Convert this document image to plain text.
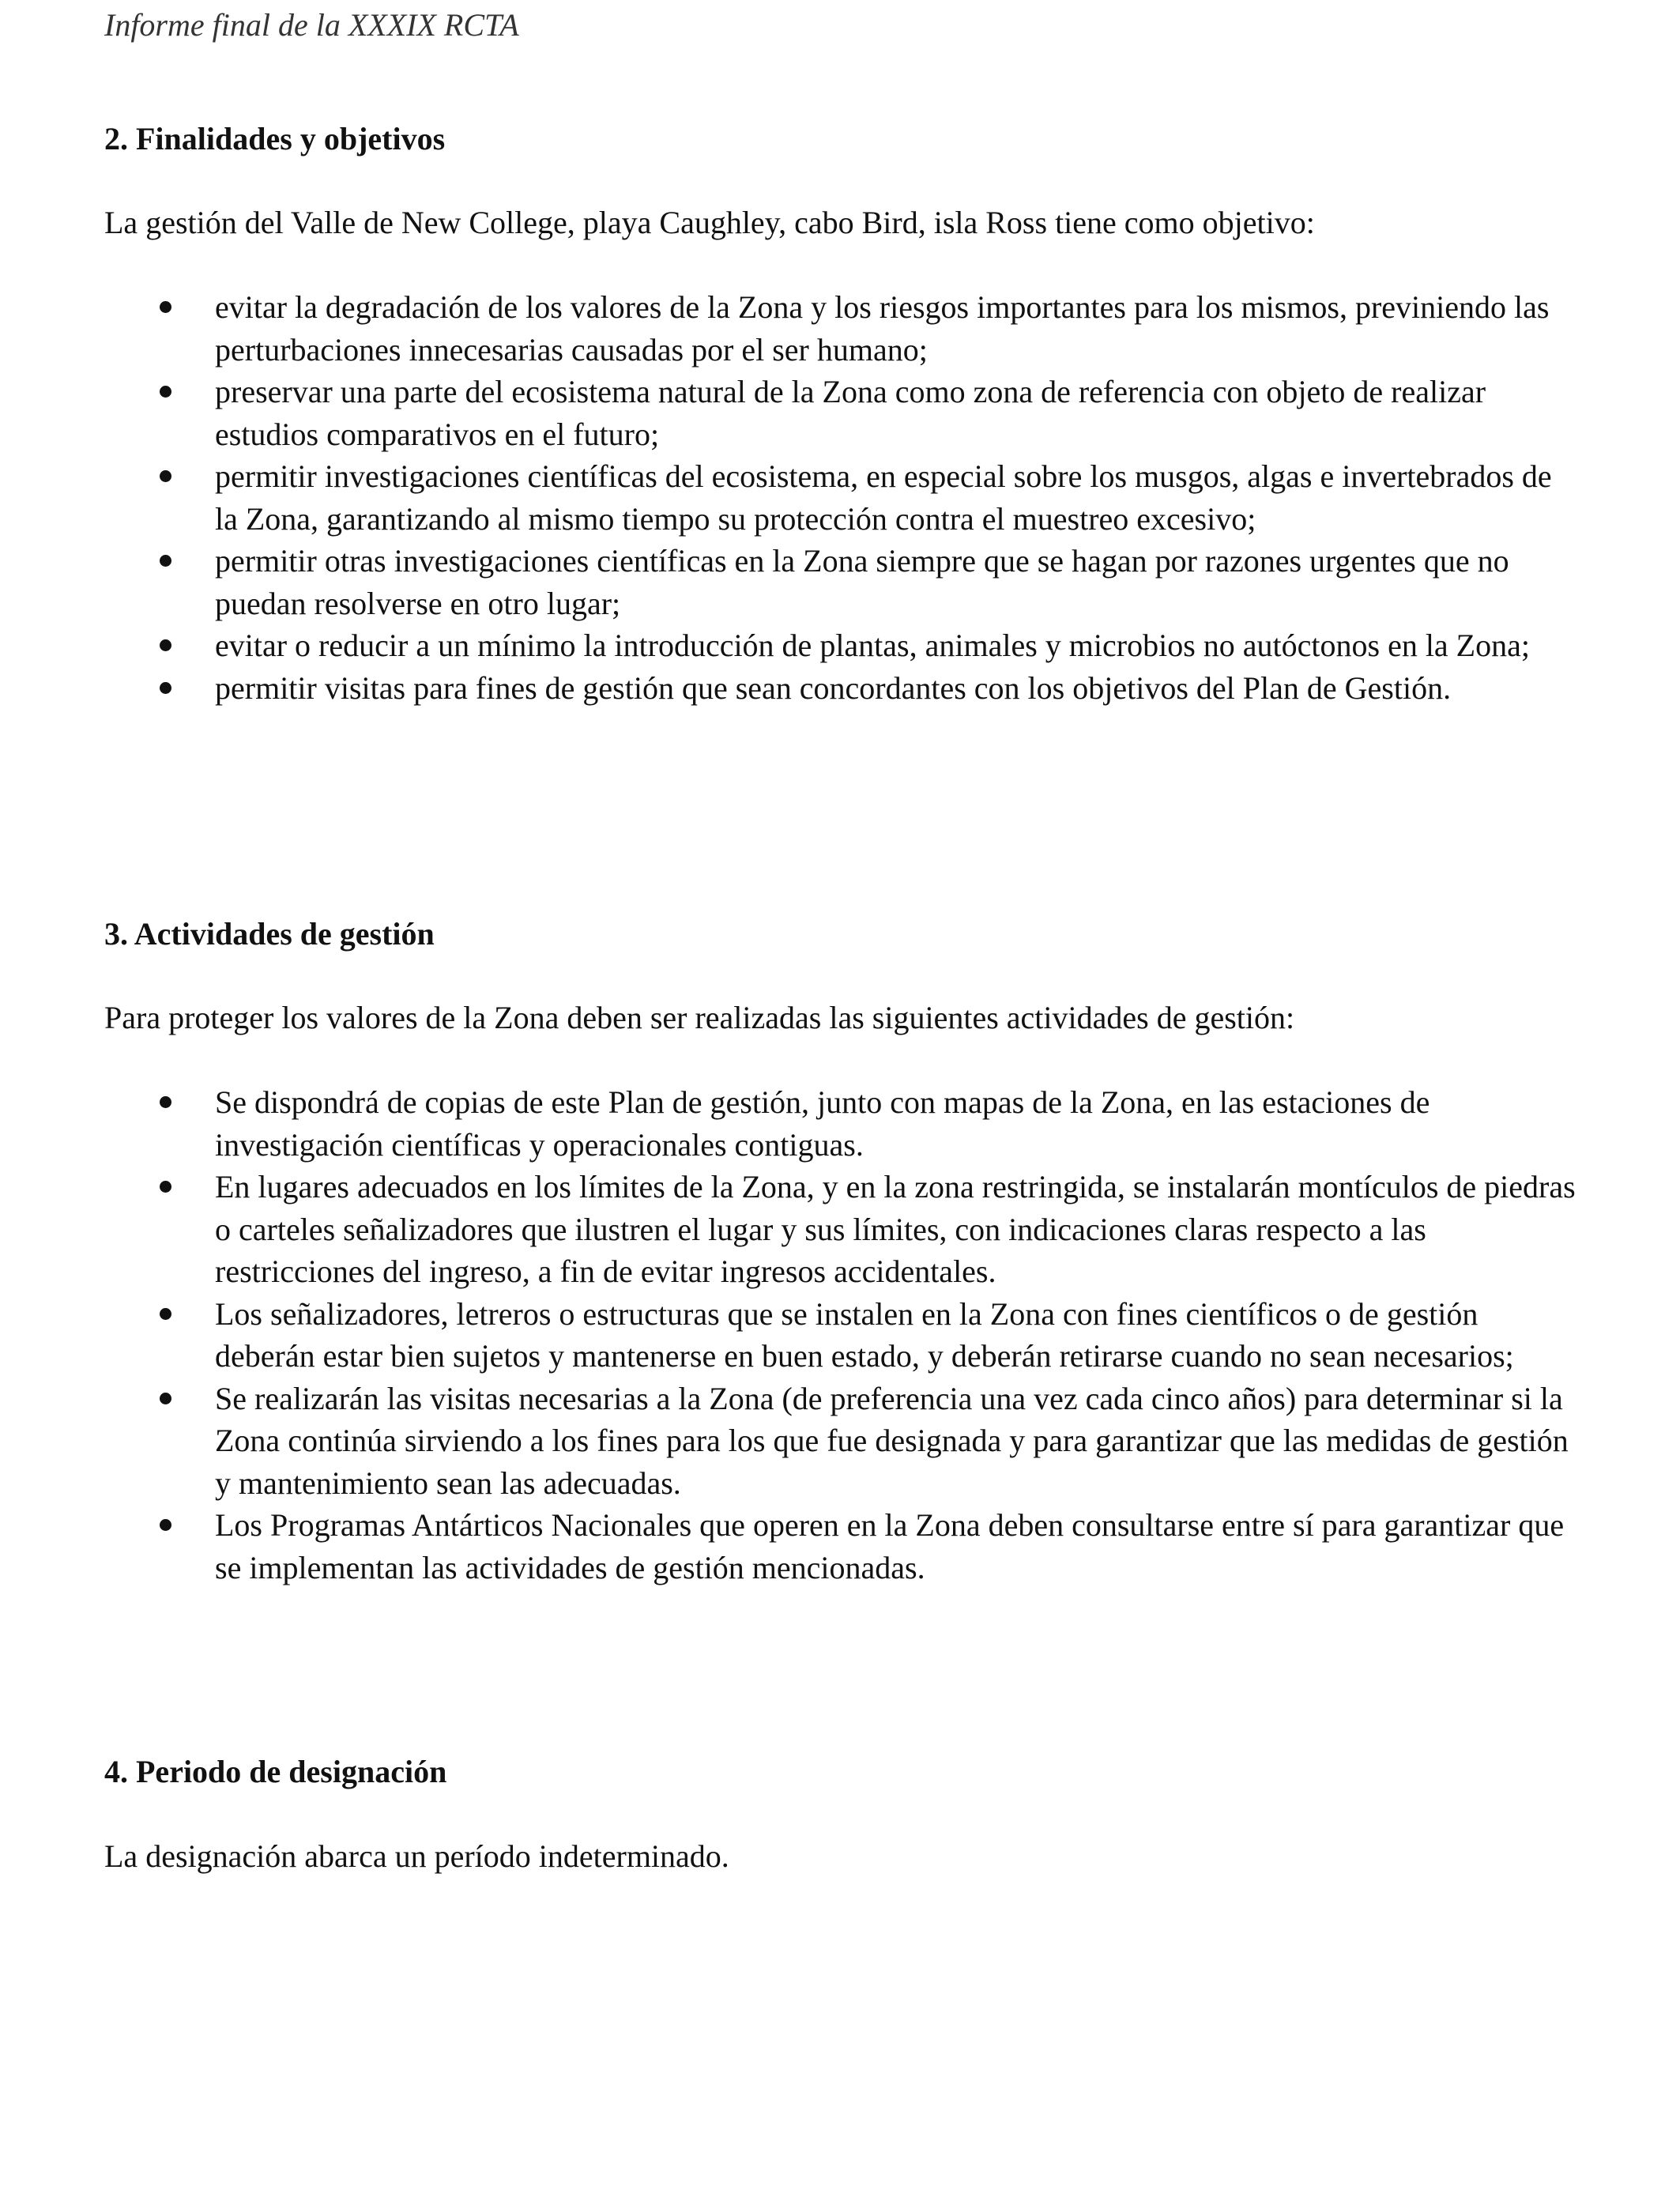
Informe final de la XXXIX RCTA
2. Finalidades y objetivos
La gestión del Valle de New College, playa Caughley, cabo Bird, isla Ross tiene como objetivo:
evitar la degradación de los valores de la Zona y los riesgos importantes para los mismos, previniendo las perturbaciones innecesarias causadas por el ser humano;
preservar una parte del ecosistema natural de la Zona como zona de referencia con objeto de realizar estudios comparativos en el futuro;
permitir investigaciones científicas del ecosistema, en especial sobre los musgos, algas e invertebrados de la Zona, garantizando al mismo tiempo su protección contra el muestreo excesivo;
permitir otras investigaciones científicas en la Zona siempre que se hagan por razones urgentes que no puedan resolverse en otro lugar;
evitar o reducir a un mínimo la introducción de plantas, animales y microbios no autóctonos en la Zona;
permitir visitas para fines de gestión que sean concordantes con los objetivos del Plan de Gestión.
3. Actividades de gestión
Para proteger los valores de la Zona deben ser realizadas las siguientes actividades de gestión:
Se dispondrá de copias de este Plan de gestión, junto con mapas de la Zona, en las estaciones de investigación científicas y operacionales contiguas.
En lugares adecuados en los límites de la Zona, y en la zona restringida, se instalarán montículos de piedras o carteles señalizadores que ilustren el lugar y sus límites, con indicaciones claras respecto a las restricciones del ingreso, a fin de evitar ingresos accidentales.
Los señalizadores, letreros o estructuras que se instalen en la Zona con fines científicos o de gestión deberán estar bien sujetos y mantenerse en buen estado, y deberán retirarse cuando no sean necesarios;
Se realizarán las visitas necesarias a la Zona (de preferencia una vez cada cinco años) para determinar si la Zona continúa sirviendo a los fines para los que fue designada y para garantizar que las medidas de gestión y mantenimiento sean las adecuadas.
Los Programas Antárticos Nacionales que operen en la Zona deben consultarse entre sí para garantizar que se implementan las actividades de gestión mencionadas.
4. Periodo de designación
La designación abarca un período indeterminado.
